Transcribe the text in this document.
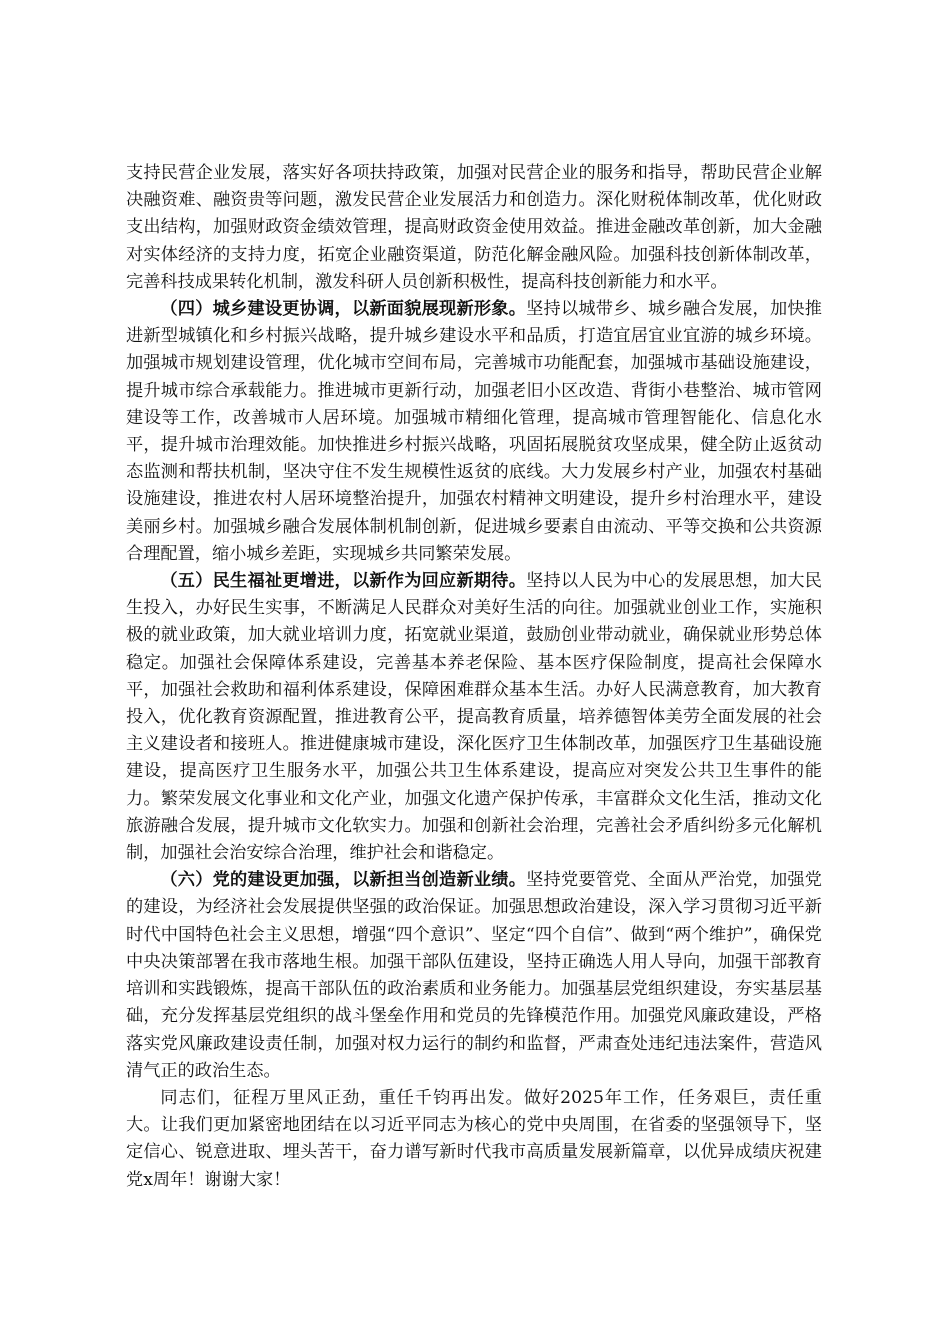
支持民营企业发展，落实好各项扶持政策，加强对民营企业的服务和指导，帮助民营企业解决融资难、融资贵等问题，激发民营企业发展活力和创造力。深化财税体制改革，优化财政支出结构，加强财政资金绩效管理，提高财政资金使用效益。推进金融改革创新，加大金融对实体经济的支持力度，拓宽企业融资渠道，防范化解金融风险。加强科技创新体制改革，完善科技成果转化机制，激发科研人员创新积极性，提高科技创新能力和水平。

（四）城乡建设更协调，以新面貌展现新形象。坚持以城带乡、城乡融合发展，加快推进新型城镇化和乡村振兴战略，提升城乡建设水平和品质，打造宜居宜业宜游的城乡环境。加强城市规划建设管理，优化城市空间布局，完善城市功能配套，加强城市基础设施建设，提升城市综合承载能力。推进城市更新行动，加强老旧小区改造、背街小巷整治、城市管网建设等工作，改善城市人居环境。加强城市精细化管理，提高城市管理智能化、信息化水平，提升城市治理效能。加快推进乡村振兴战略，巩固拓展脱贫攻坚成果，健全防止返贫动态监测和帮扶机制，坚决守住不发生规模性返贫的底线。大力发展乡村产业，加强农村基础设施建设，推进农村人居环境整治提升，加强农村精神文明建设，提升乡村治理水平，建设美丽乡村。加强城乡融合发展体制机制创新，促进城乡要素自由流动、平等交换和公共资源合理配置，缩小城乡差距，实现城乡共同繁荣发展。

（五）民生福祉更增进，以新作为回应新期待。坚持以人民为中心的发展思想，加大民生投入，办好民生实事，不断满足人民群众对美好生活的向往。加强就业创业工作，实施积极的就业政策，加大就业培训力度，拓宽就业渠道，鼓励创业带动就业，确保就业形势总体稳定。加强社会保障体系建设，完善基本养老保险、基本医疗保险制度，提高社会保障水平，加强社会救助和福利体系建设，保障困难群众基本生活。办好人民满意教育，加大教育投入，优化教育资源配置，推进教育公平，提高教育质量，培养德智体美劳全面发展的社会主义建设者和接班人。推进健康城市建设，深化医疗卫生体制改革，加强医疗卫生基础设施建设，提高医疗卫生服务水平，加强公共卫生体系建设，提高应对突发公共卫生事件的能力。繁荣发展文化事业和文化产业，加强文化遗产保护传承，丰富群众文化生活，推动文化旅游融合发展，提升城市文化软实力。加强和创新社会治理，完善社会矛盾纠纷多元化解机制，加强社会治安综合治理，维护社会和谐稳定。

（六）党的建设更加强，以新担当创造新业绩。坚持党要管党、全面从严治党，加强党的建设，为经济社会发展提供坚强的政治保证。加强思想政治建设，深入学习贯彻习近平新时代中国特色社会主义思想，增强“四个意识”、坚定“四个自信”、做到“两个维护”，确保党中央决策部署在我市落地生根。加强干部队伍建设，坚持正确选人用人导向，加强干部教育培训和实践锻炼，提高干部队伍的政治素质和业务能力。加强基层党组织建设，夯实基层基础，充分发挥基层党组织的战斗堡垒作用和党员的先锋模范作用。加强党风廉政建设，严格落实党风廉政建设责任制，加强对权力运行的制约和监督，严肃查处违纪违法案件，营造风清气正的政治生态。

同志们，征程万里风正劲，重任千钧再出发。做好2025年工作，任务艰巨，责任重大。让我们更加紧密地团结在以习近平同志为核心的党中央周围，在省委的坚强领导下，坚定信心、锐意进取、埋头苦干，奋力谱写新时代我市高质量发展新篇章，以优异成绩庆祝建党x周年！谢谢大家！
